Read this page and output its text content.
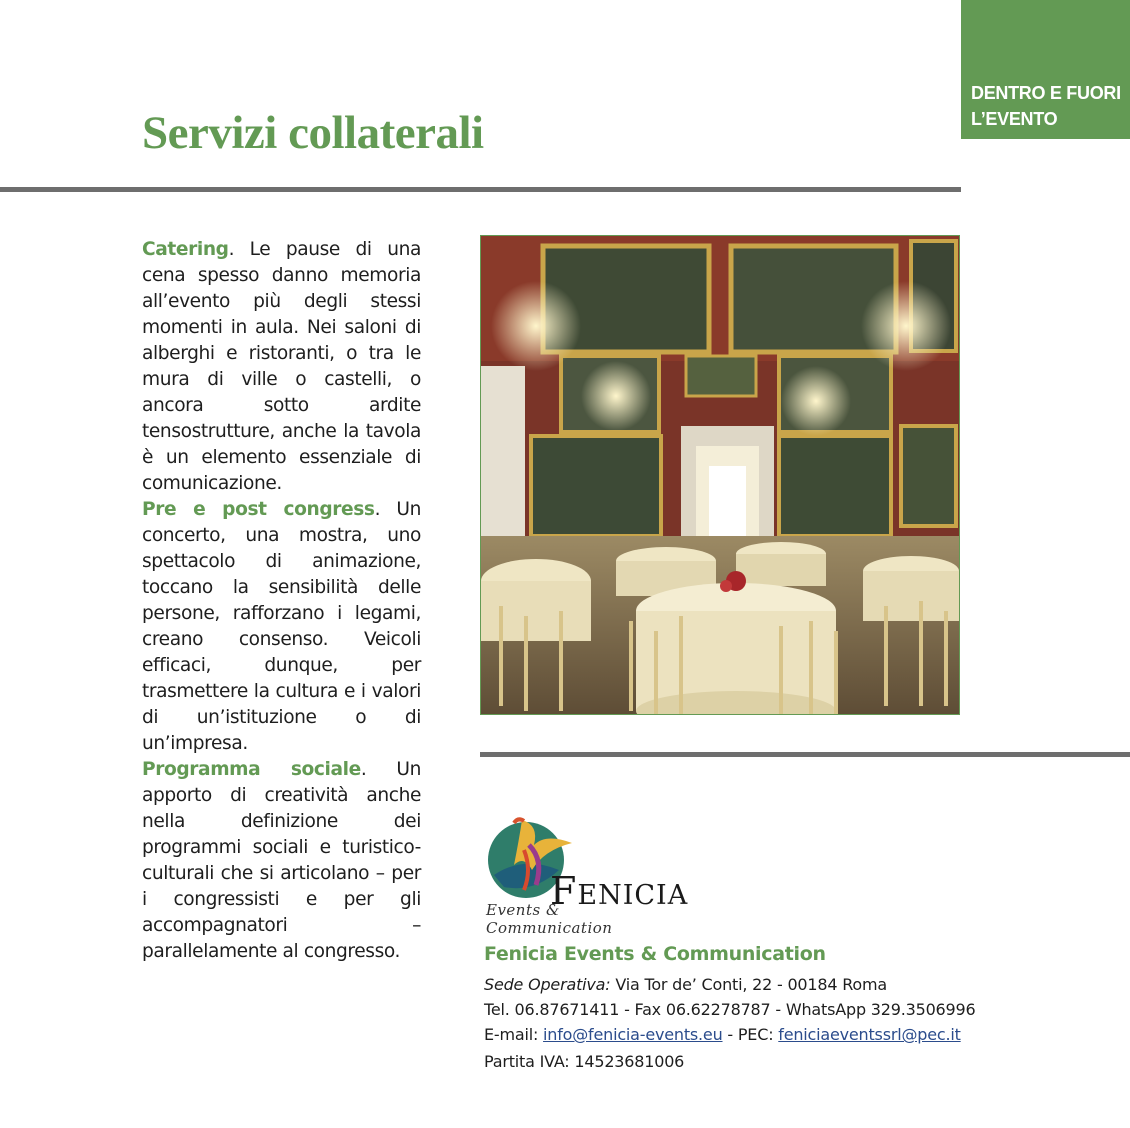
DENTRO E FUORI
L’EVENTO
Servizi collaterali

Catering. Le pause di una cena spesso danno memoria all’evento più degli stessi momenti in aula. Nei saloni di alberghi e ristoranti, o tra le mura di ville o castelli, o ancora sotto ardite tensostrutture, anche la tavola è un elemento essenziale di comunicazione.

Pre e post congress. Un concerto, una mostra, uno spettacolo di animazione, toccano la sensibilità delle persone, rafforzano i legami, creano consenso. Veicoli efficaci, dunque, per trasmettere la cultura e i valori di un’istituzione o di un’impresa.

Programma sociale. Un apporto di creatività anche nella definizione dei programmi sociali e turistico-culturali che si articolano – per i congressisti e per gli accompagnatori – parallelamente al congresso.

FENICIA
Events & Communication
Fenicia Events & Communication
Sede Operativa: Via Tor de’ Conti, 22 - 00184 Roma
Tel. 06.87671411 - Fax 06.62278787 - WhatsApp 329.3506996
E-mail: info@fenicia-events.eu - PEC: feniciaeventssrl@pec.it
Partita IVA: 14523681006
